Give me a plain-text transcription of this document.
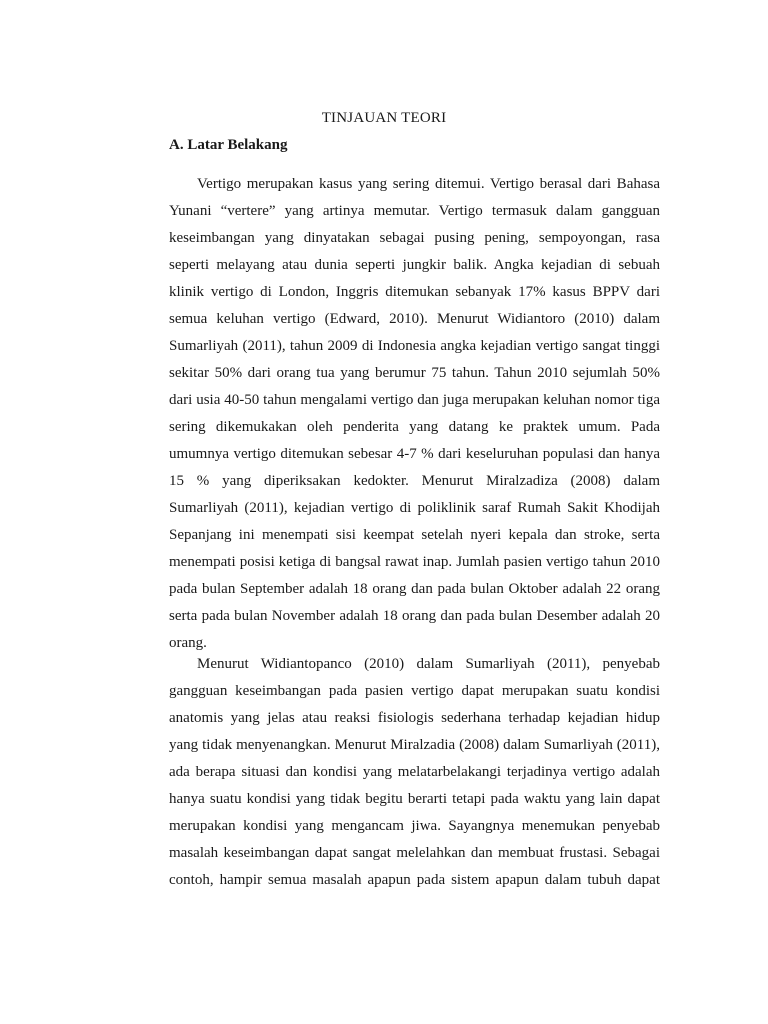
TINJAUAN TEORI
A. Latar Belakang
Vertigo merupakan kasus yang sering ditemui. Vertigo berasal dari Bahasa
Yunani “vertere” yang artinya memutar. Vertigo termasuk dalam gangguan
keseimbangan yang dinyatakan sebagai pusing pening, sempoyongan, rasa
seperti melayang atau dunia seperti jungkir balik. Angka kejadian di sebuah
klinik vertigo di London, Inggris ditemukan sebanyak 17% kasus BPPV dari
semua keluhan vertigo (Edward, 2010). Menurut Widiantoro (2010) dalam
Sumarliyah (2011), tahun 2009 di Indonesia angka kejadian vertigo sangat tinggi
sekitar 50% dari orang tua yang berumur 75 tahun. Tahun 2010 sejumlah 50%
dari usia 40-50 tahun mengalami vertigo dan juga merupakan keluhan nomor tiga
sering dikemukakan oleh penderita yang datang ke praktek umum. Pada
umumnya vertigo ditemukan sebesar 4-7 % dari keseluruhan populasi dan hanya
15 % yang diperiksakan kedokter. Menurut Miralzadiza (2008) dalam
Sumarliyah (2011), kejadian vertigo di poliklinik saraf Rumah Sakit Khodijah
Sepanjang ini menempati sisi keempat setelah nyeri kepala dan stroke, serta
menempati posisi ketiga di bangsal rawat inap. Jumlah pasien vertigo tahun 2010
pada bulan September adalah 18 orang dan pada bulan Oktober adalah 22 orang
serta pada bulan November adalah 18 orang dan pada bulan Desember adalah 20
orang.
Menurut Widiantopanco (2010) dalam Sumarliyah (2011), penyebab
gangguan keseimbangan pada pasien vertigo dapat merupakan suatu kondisi
anatomis yang jelas atau reaksi fisiologis sederhana terhadap kejadian hidup
yang tidak menyenangkan. Menurut Miralzadia (2008) dalam Sumarliyah (2011),
ada berapa situasi dan kondisi yang melatarbelakangi terjadinya vertigo adalah
hanya suatu kondisi yang tidak begitu berarti tetapi pada waktu yang lain dapat
merupakan kondisi yang mengancam jiwa. Sayangnya menemukan penyebab
masalah keseimbangan dapat sangat melelahkan dan membuat frustasi. Sebagai
contoh, hampir semua masalah apapun pada sistem apapun dalam tubuh dapat
